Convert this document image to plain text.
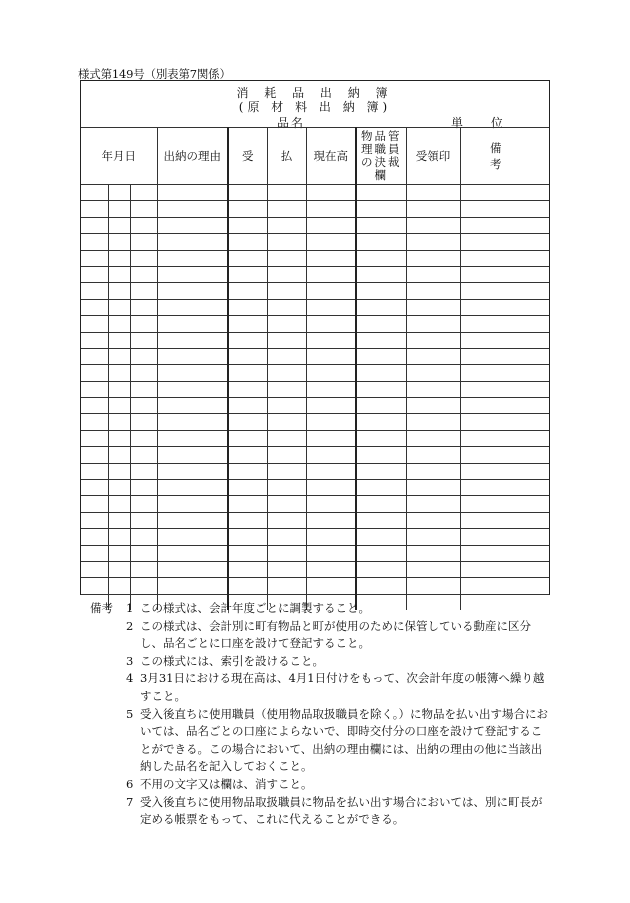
様式第149号（別表第7関係）
消 耗 品 出 納 簿
(原 材 料 出 納 簿)
品名	単 位
年月日			出納の理由	受	払	現在高	物品管理職員の決裁欄	受領印	備　　考

備考	1 この様式は、会計年度ごとに調製すること。
2 この様式は、会計別に町有物品と町が使用のために保管している動産に区分し、品名ごとに口座を設けて登記すること。
3 この様式には、索引を設けること。
4 3月31日における現在高は、4月1日付けをもって、次会計年度の帳簿へ繰り越すこと。
5 受入後直ちに使用職員（使用物品取扱職員を除く。）に物品を払い出す場合においては、品名ごとの口座によらないで、即時交付分の口座を設けて登記することができる。この場合において、出納の理由欄には、出納の理由の他に当該出納した品名を記入しておくこと。
6 不用の文字又は欄は、消すこと。
7 受入後直ちに使用物品取扱職員に物品を払い出す場合においては、別に町長が定める帳票をもって、これに代えることができる。
